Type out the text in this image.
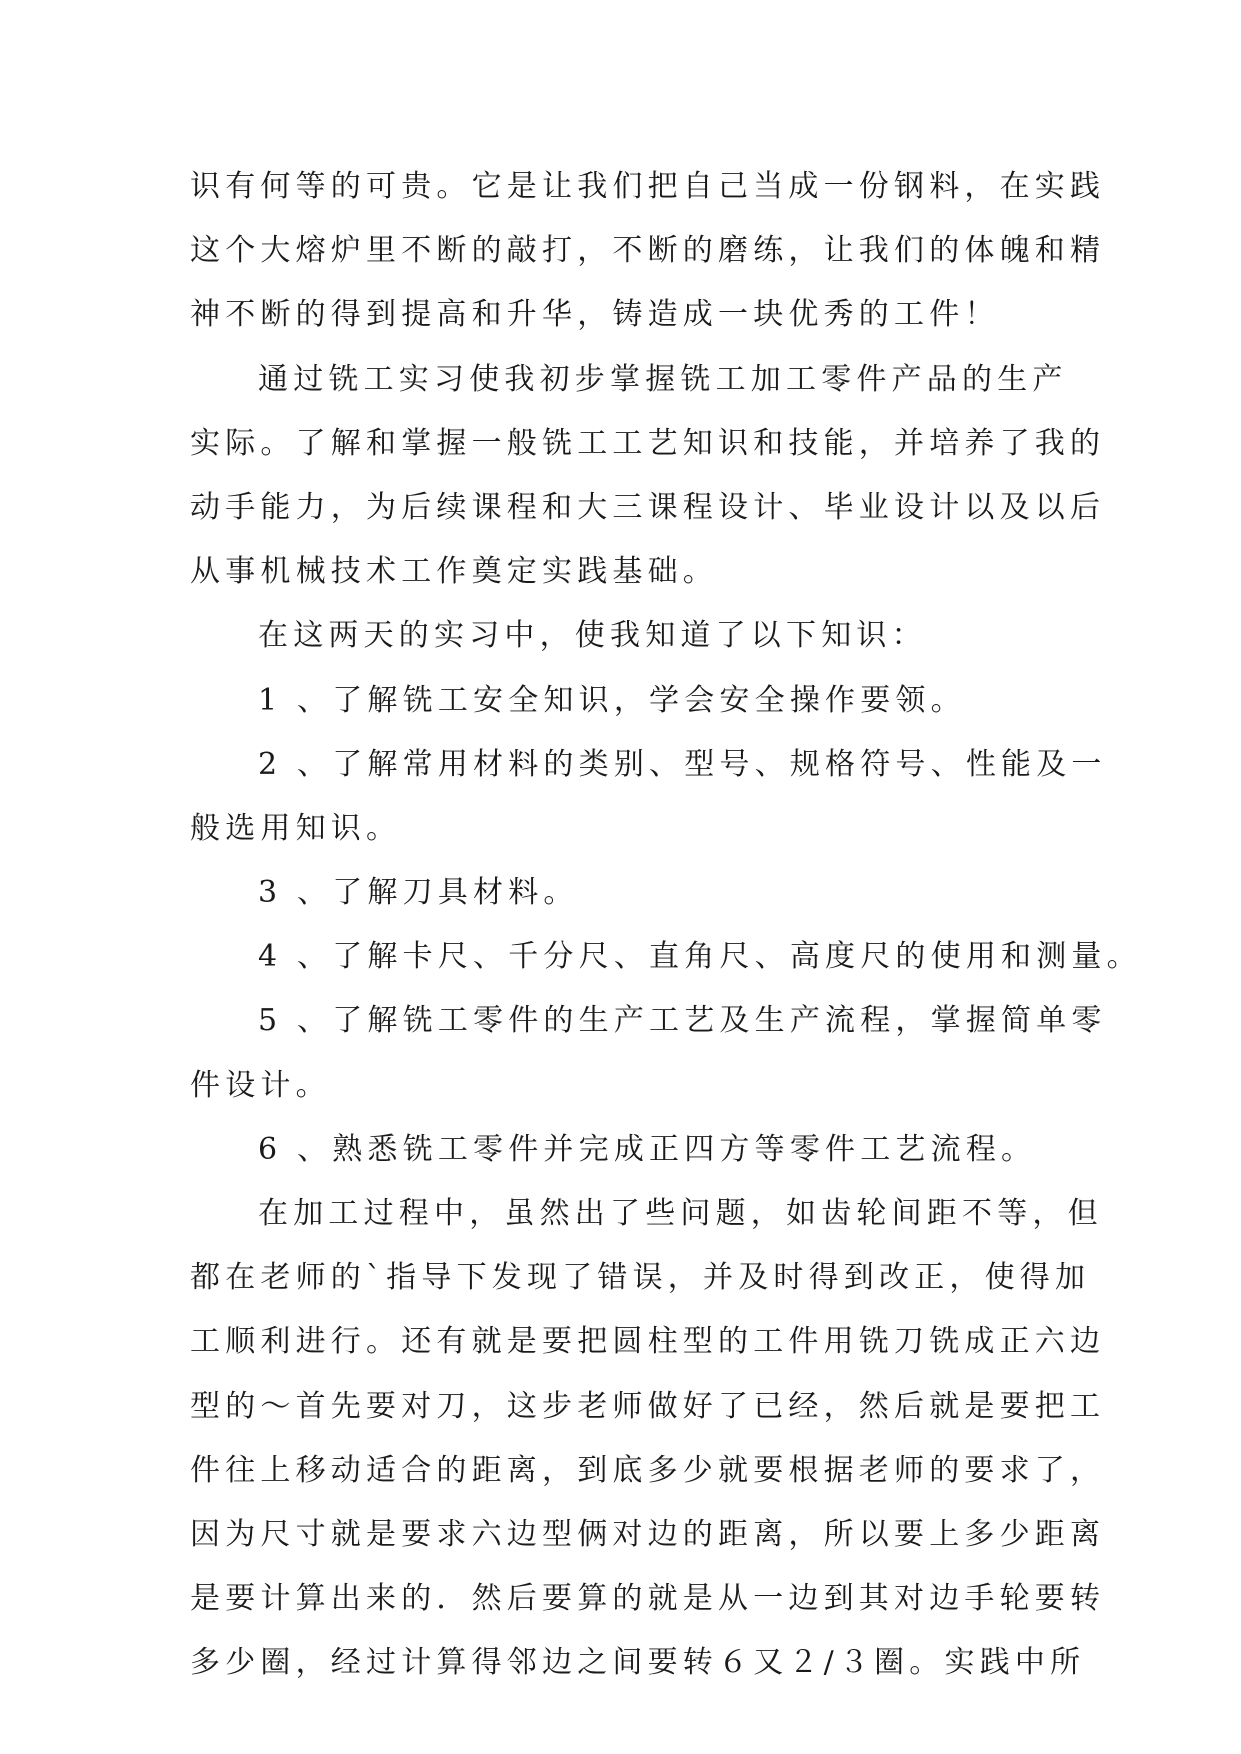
识有何等的可贵。它是让我们把自己当成一份钢料，在实践
这个大熔炉里不断的敲打，不断的磨练，让我们的体魄和精
神不断的得到提高和升华，铸造成一块优秀的工件！
通过铣工实习使我初步掌握铣工加工零件产品的生产
实际。了解和掌握一般铣工工艺知识和技能，并培养了我的
动手能力，为后续课程和大三课程设计、毕业设计以及以后
从事机械技术工作奠定实践基础。
在这两天的实习中，使我知道了以下知识：
1 、了解铣工安全知识，学会安全操作要领。
2 、了解常用材料的类别、型号、规格符号、性能及一
般选用知识。
3 、了解刀具材料。
4 、了解卡尺、千分尺、直角尺、高度尺的使用和测量。
5 、了解铣工零件的生产工艺及生产流程，掌握简单零
件设计。
6 、熟悉铣工零件并完成正四方等零件工艺流程。
在加工过程中，虽然出了些问题，如齿轮间距不等，但
都在老师的`指导下发现了错误，并及时得到改正，使得加
工顺利进行。还有就是要把圆柱型的工件用铣刀铣成正六边
型的～首先要对刀，这步老师做好了已经，然后就是要把工
件往上移动适合的距离，到底多少就要根据老师的要求了，
因为尺寸就是要求六边型俩对边的距离，所以要上多少距离
是要计算出来的．然后要算的就是从一边到其对边手轮要转
多少圈，经过计算得邻边之间要转６又２/３圈。实践中所
